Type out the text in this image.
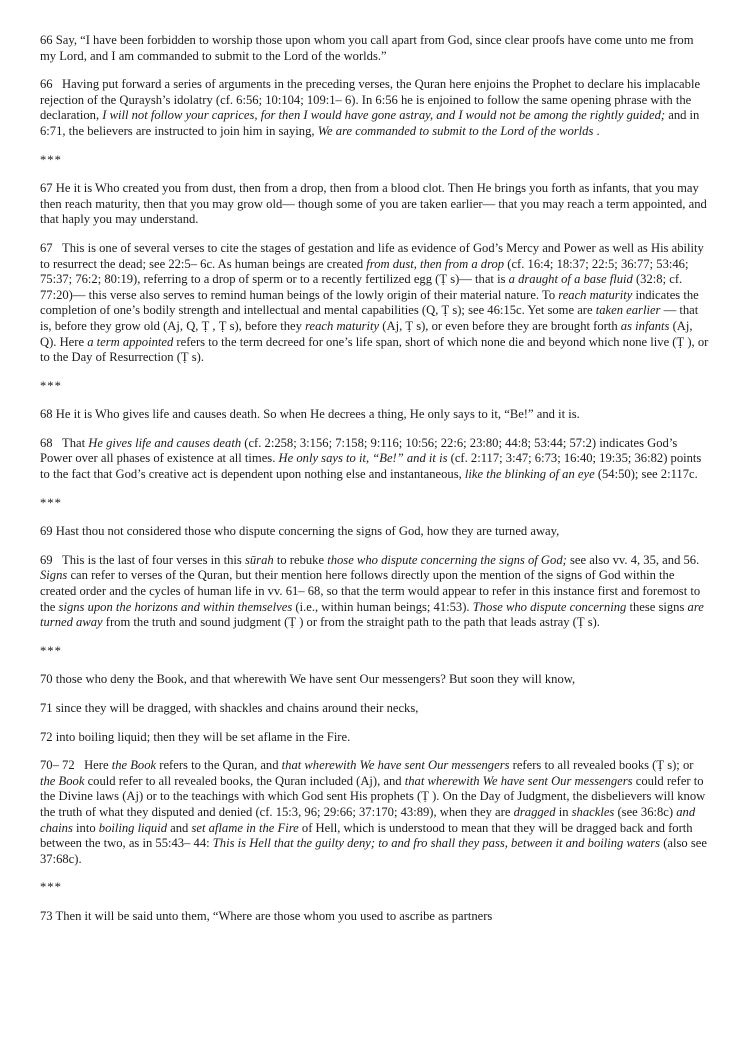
66 Say, “I have been forbidden to worship those upon whom you call apart from God, since clear proofs have come unto me from my Lord, and I am commanded to submit to the Lord of the worlds.”

66   Having put forward a series of arguments in the preceding verses, the Quran here enjoins the Prophet to declare his implacable rejection of the Quraysh’s idolatry (cf. 6:56; 10:104; 109:1– 6). In 6:56 he is enjoined to follow the same opening phrase with the declaration, I will not follow your caprices, for then I would have gone astray, and I would not be among the rightly guided; and in 6:71, the believers are instructed to join him in saying, We are commanded to submit to the Lord of the worlds .

***

67 He it is Who created you from dust, then from a drop, then from a blood clot. Then He brings you forth as infants, that you may then reach maturity, then that you may grow old— though some of you are taken earlier— that you may reach a term appointed, and that haply you may understand.

67   This is one of several verses to cite the stages of gestation and life as evidence of God’s Mercy and Power as well as His ability to resurrect the dead; see 22:5– 6c. As human beings are created from dust, then from a drop (cf. 16:4; 18:37; 22:5; 36:77; 53:46; 75:37; 76:2; 80:19), referring to a drop of sperm or to a recently fertilized egg (Ṭ s)— that is a draught of a base fluid (32:8; cf. 77:20)— this verse also serves to remind human beings of the lowly origin of their material nature. To reach maturity indicates the completion of one’s bodily strength and intellectual and mental capabilities (Q, Ṭ s); see 46:15c. Yet some are taken earlier — that is, before they grow old (Aj, Q, Ṭ , Ṭ s), before they reach maturity (Aj, Ṭ s), or even before they are brought forth as infants (Aj, Q). Here a term appointed refers to the term decreed for one’s life span, short of which none die and beyond which none live (Ṭ ), or to the Day of Resurrection (Ṭ s).

***

68 He it is Who gives life and causes death. So when He decrees a thing, He only says to it, “Be!” and it is.

68   That He gives life and causes death (cf. 2:258; 3:156; 7:158; 9:116; 10:56; 22:6; 23:80; 44:8; 53:44; 57:2) indicates God’s Power over all phases of existence at all times. He only says to it, “Be!” and it is (cf. 2:117; 3:47; 6:73; 16:40; 19:35; 36:82) points to the fact that God’s creative act is dependent upon nothing else and instantaneous, like the blinking of an eye (54:50); see 2:117c.

***

69 Hast thou not considered those who dispute concerning the signs of God, how they are turned away,

69   This is the last of four verses in this sūrah to rebuke those who dispute concerning the signs of God; see also vv. 4, 35, and 56. Signs can refer to verses of the Quran, but their mention here follows directly upon the mention of the signs of God within the created order and the cycles of human life in vv. 61– 68, so that the term would appear to refer in this instance first and foremost to the signs upon the horizons and within themselves (i.e., within human beings; 41:53). Those who dispute concerning these signs are turned away from the truth and sound judgment (Ṭ ) or from the straight path to the path that leads astray (Ṭ s).

***

70 those who deny the Book, and that wherewith We have sent Our messengers? But soon they will know,

71 since they will be dragged, with shackles and chains around their necks,

72 into boiling liquid; then they will be set aflame in the Fire.

70– 72   Here the Book refers to the Quran, and that wherewith We have sent Our messengers refers to all revealed books (Ṭ s); or the Book could refer to all revealed books, the Quran included (Aj), and that wherewith We have sent Our messengers could refer to the Divine laws (Aj) or to the teachings with which God sent His prophets (Ṭ ). On the Day of Judgment, the disbelievers will know the truth of what they disputed and denied (cf. 15:3, 96; 29:66; 37:170; 43:89), when they are dragged in shackles (see 36:8c) and chains into boiling liquid and set aflame in the Fire of Hell, which is understood to mean that they will be dragged back and forth between the two, as in 55:43– 44: This is Hell that the guilty deny; to and fro shall they pass, between it and boiling waters (also see 37:68c).

***

73 Then it will be said unto them, “Where are those whom you used to ascribe as partners
